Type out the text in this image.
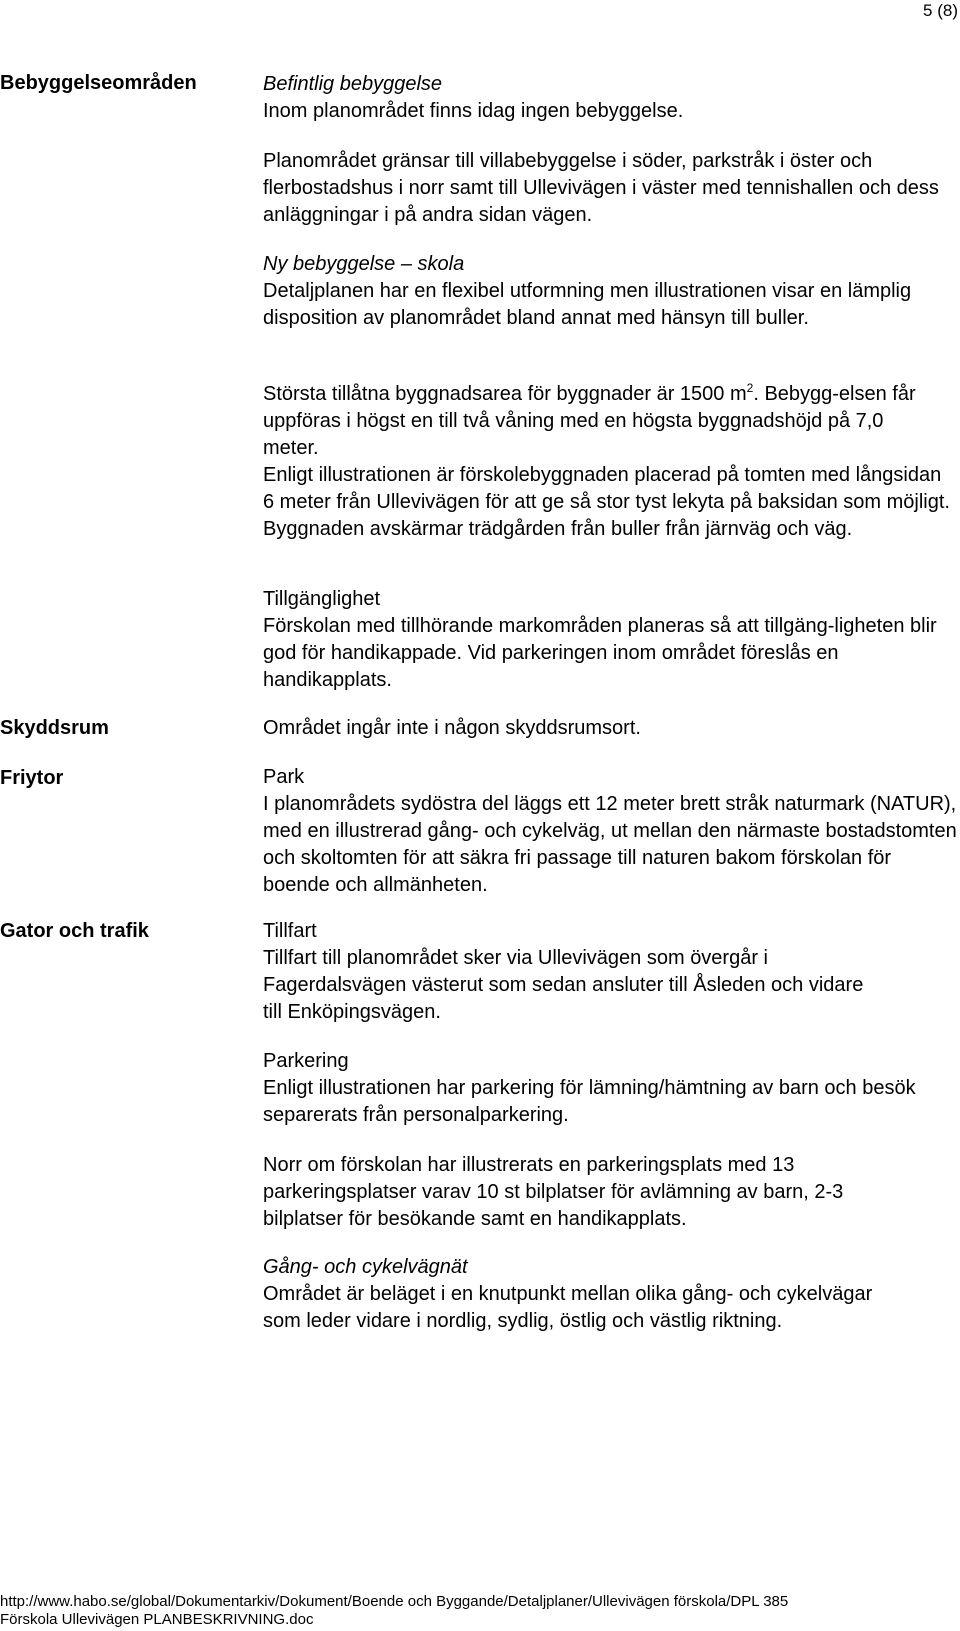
5 (8)
Bebyggelseområden	Befintlig bebyggelse

Inom planområdet finns idag ingen bebyggelse.

Planområdet gränsar till villabebyggelse i söder, parkstråk i öster och flerbostadshus i norr samt till Ullevivägen i väster med tennishallen och dess anläggningar i på andra sidan vägen.

Ny bebyggelse – skola

Detaljplanen har en flexibel utformning men illustrationen visar en lämplig disposition av planområdet bland annat med hänsyn till buller.

Största tillåtna byggnadsarea för byggnader är 1500 $m^2$. Bebygg-elsen får uppföras i högst en till två våning med en högsta byggnadshöjd på 7,0 meter.

Enligt illustrationen är förskolebyggnaden placerad på tomten med långsidan 6 meter från Ullevivägen för att ge så stor tyst lekyta på baksidan som möjligt. Byggnaden avskärmar trädgården från buller från järnväg och väg.

Tillgänglighet

Förskolan med tillhörande markområden planeras så att tillgäng-ligheten blir god för handikappade. Vid parkeringen inom området föreslås en handikapplats.

Skyddsrum	Området ingår inte i någon skyddsrumsort.

Friytor	Park

I planområdets sydöstra del läggs ett 12 meter brett stråk naturmark (NATUR), med en illustrerad gång- och cykelväg, ut mellan den närmaste bostadstomten och skoltomten för att säkra fri passage till naturen bakom förskolan för boende och allmänheten.

Gator och trafik	Tillfart

Tillfart till planområdet sker via Ullevivägen som övergår i Fagerdalsvägen västerut som sedan ansluter till Åsleden och vidare till Enköpingsvägen.

Parkering

Enligt illustrationen har parkering för lämning/hämtning av barn och besök separerats från personalparkering.

Norr om förskolan har illustrerats en parkeringsplats med 13 parkeringsplatser varav 10 st bilplatser för avlämning av barn, 2-3 bilplatser för besökande samt en handikapplats.

Gång- och cykelvägnät

Området är beläget i en knutpunkt mellan olika gång- och cykelvägar som leder vidare i nordlig, sydlig, östlig och västlig riktning.

http://www.habo.se/global/Dokumentarkiv/Dokument/Boende och Byggande/Detaljplaner/Ullevivägen förskola/DPL 385
Förskola Ullevivägen PLANBESKRIVNING.doc
